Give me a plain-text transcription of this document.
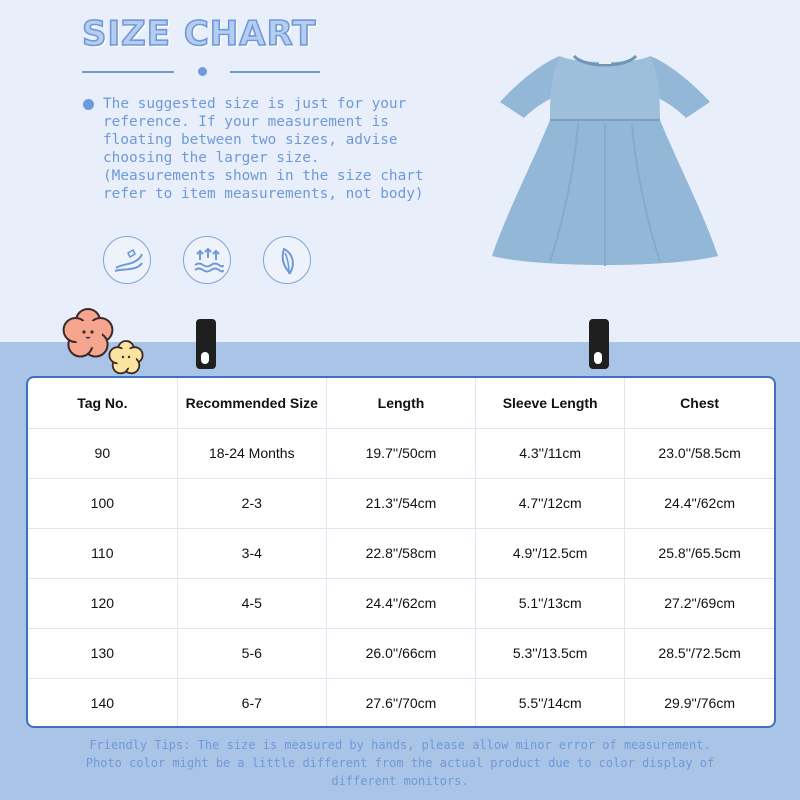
SIZE CHART
The suggested size is just for your reference. If your measurement is floating between two sizes, advise
choosing the larger size.
(Measurements shown in the size chart refer to item measurements, not body)
Tag No.	Recommended Size	Length	Sleeve Length	Chest
90	18-24 Months	19.7''/50cm	4.3''/11cm	23.0''/58.5cm
100	2-3	21.3''/54cm	4.7''/12cm	24.4''/62cm
110	3-4	22.8''/58cm	4.9''/12.5cm	25.8''/65.5cm
120	4-5	24.4''/62cm	5.1''/13cm	27.2''/69cm
130	5-6	26.0''/66cm	5.3''/13.5cm	28.5''/72.5cm
140	6-7	27.6''/70cm	5.5''/14cm	29.9''/76cm
Friendly Tips: The size is measured by hands, please allow minor error of measurement.
Photo color might be a little different from the actual product due to color display of
different monitors.
